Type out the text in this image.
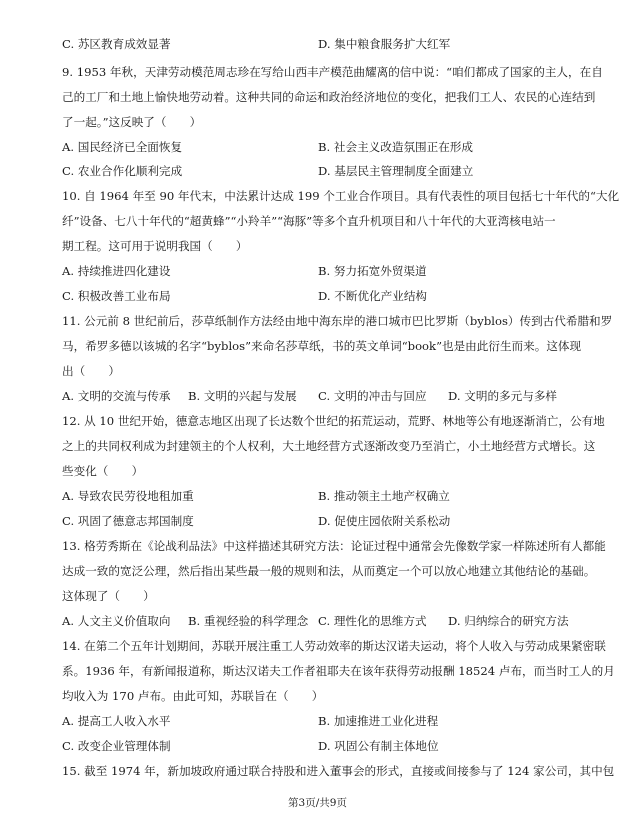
C. 苏区教育成效显著	D. 集中粮食服务扩大红军
9. 1953 年秋，天津劳动模范周志珍在写给山西丰产模范曲耀离的信中说：“咱们都成了国家的主人，在自
己的工厂和土地上愉快地劳动着。这种共同的命运和政治经济地位的变化，把我们工人、农民的心连结到
了一起。”这反映了（　　）
A. 国民经济已全面恢复	B. 社会主义改造氛围正在形成
C. 农业合作化顺利完成	D. 基层民主管理制度全面建立
10. 自 1964 年至 90 年代末，中法累计达成 199 个工业合作项目。具有代表性的项目包括七十年代的“大化
纤”设备、七八十年代的“超黄蜂”“小羚羊”“海豚”等多个直升机项目和八十年代的大亚湾核电站一
期工程。这可用于说明我国（　　）
A. 持续推进四化建设	B. 努力拓宽外贸渠道
C. 积极改善工业布局	D. 不断优化产业结构
11. 公元前 8 世纪前后，莎草纸制作方法经由地中海东岸的港口城市巴比罗斯（byblos）传到古代希腊和罗
马，希罗多德以该城的名字“byblos”来命名莎草纸，书的英文单词“book”也是由此衍生而来。这体现
出（　　）
A. 文明的交流与传承	B. 文明的兴起与发展 C. 文明的冲击与回应 D. 文明的多元与多样
12. 从 10 世纪开始，德意志地区出现了长达数个世纪的拓荒运动，荒野、林地等公有地逐渐消亡，公有地
之上的共同权利成为封建领主的个人权利，大土地经营方式逐渐改变乃至消亡，小土地经营方式增长。这
些变化（　　）
A. 导致农民劳役地租加重	B. 推动领主土地产权确立
C. 巩固了德意志邦国制度	D. 促使庄园依附关系松动
13. 格劳秀斯在《论战利品法》中这样描述其研究方法：论证过程中通常会先像数学家一样陈述所有人都能
达成一致的宽泛公理，然后指出某些最一般的规则和法，从而奠定一个可以放心地建立其他结论的基础。
这体现了（　　）
A. 人文主义价值取向	B. 重视经验的科学理念 C. 理性化的思维方式 D. 归纳综合的研究方法
14. 在第二个五年计划期间，苏联开展注重工人劳动效率的斯达汉诺夫运动，将个人收入与劳动成果紧密联
系。1936 年，有新闻报道称，斯达汉诺夫工作者祖耶夫在该年获得劳动报酬 18524 卢布，而当时工人的月
均收入为 170 卢布。由此可知，苏联旨在（　　）
A. 提高工人收入水平	B. 加速推进工业化进程
C. 改变企业管理体制	D. 巩固公有制主体地位
15. 截至 1974 年，新加坡政府通过联合持股和进入董事会的形式，直接或间接参与了 124 家公司，其中包
第3页/共9页
